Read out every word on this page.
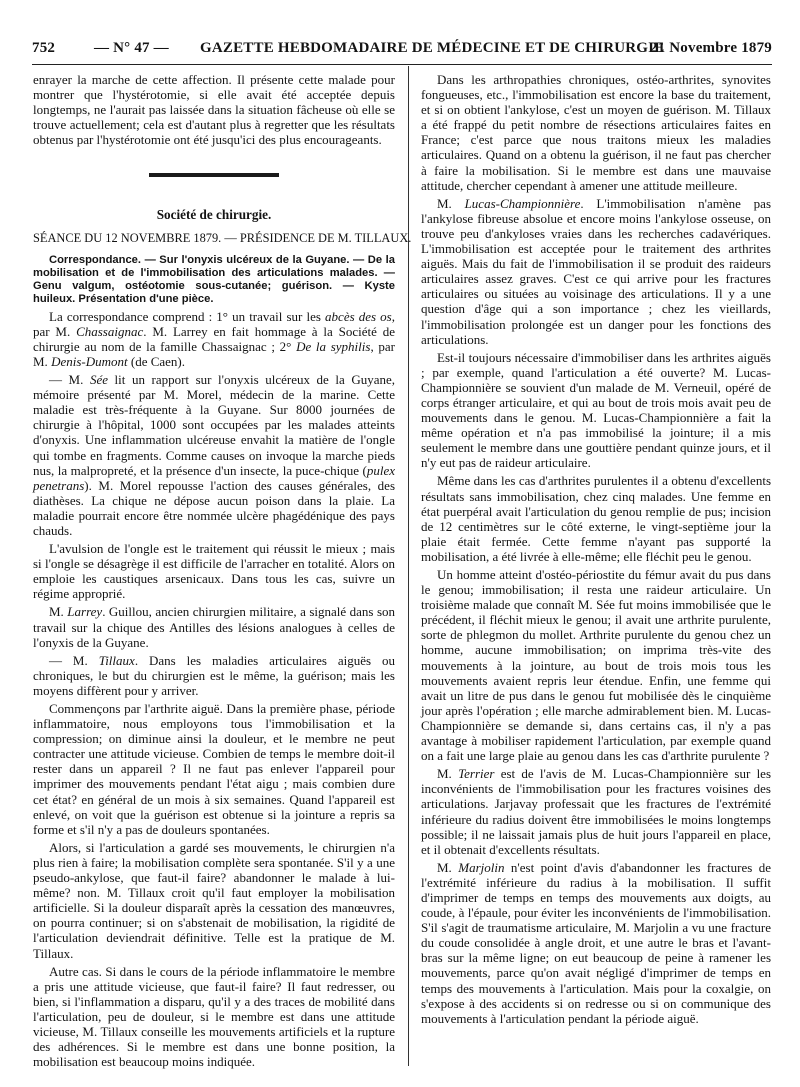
752	— N° 47 — GAZETTE HEBDOMADAIRE DE MÉDECINE ET DE CHIRURGIE
21 Novembre 1879

enrayer la marche de cette affection. Il présente cette malade pour montrer que l'hystérotomie, si elle avait été acceptée depuis longtemps, ne l'aurait pas laissée dans la situation fâcheuse où elle se trouve actuellement; cela est d'autant plus à regretter que les résultats obtenus par l'hystérotomie ont été jusqu'ici des plus encourageants.

Société de chirurgie.
SÉANCE DU 12 NOVEMBRE 1879. — PRÉSIDENCE DE M. TILLAUX.

Correspondance. — Sur l'onyxis ulcéreux de la Guyane. — De la mobilisation et de l'immobilisation des articulations malades. — Genu valgum, ostéotomie sous-cutanée; guérison. — Kyste huileux. Présentation d'une pièce.

La correspondance comprend : 1° un travail sur les abcès des os, par M. Chassaignac. M. Larrey en fait hommage à la Société de chirurgie au nom de la famille Chassaignac ; 2° De la syphilis, par M. Denis-Dumont (de Caen).

— M. Sée lit un rapport sur l'onyxis ulcéreux de la Guyane, mémoire présenté par M. Morel, médecin de la marine. Cette maladie est très-fréquente à la Guyane. Sur 8000 journées de chirurgie à l'hôpital, 1000 sont occupées par les malades atteints d'onyxis. Une inflammation ulcéreuse envahit la matière de l'ongle qui tombe en fragments. Comme causes on invoque la marche pieds nus, la malpropreté, et la présence d'un insecte, la puce-chique (pulex penetrans). M. Morel repousse l'action des causes générales, des diathèses. La chique ne dépose aucun poison dans la plaie. La maladie pourrait encore être nommée ulcère phagédénique des pays chauds.

L'avulsion de l'ongle est le traitement qui réussit le mieux ; mais si l'ongle se désagrège il est difficile de l'arracher en totalité. Alors on emploie les caustiques arsenicaux. Dans tous les cas, suivre un régime approprié.

M. Larrey. Guillou, ancien chirurgien militaire, a signalé dans son travail sur la chique des Antilles des lésions analogues à celles de l'onyxis de la Guyane.

— M. Tillaux. Dans les maladies articulaires aiguës ou chroniques, le but du chirurgien est le même, la guérison; mais les moyens diffèrent pour y arriver.

Commençons par l'arthrite aiguë. Dans la première phase, période inflammatoire, nous employons tous l'immobilisation et la compression; on diminue ainsi la douleur, et le membre ne peut contracter une attitude vicieuse. Combien de temps le membre doit-il rester dans un appareil ? Il ne faut pas enlever l'appareil pour imprimer des mouvements pendant l'état aigu ; mais combien dure cet état? en général de un mois à six semaines. Quand l'appareil est enlevé, on voit que la guérison est obtenue si la jointure a repris sa forme et s'il n'y a pas de douleurs spontanées.

Alors, si l'articulation a gardé ses mouvements, le chirurgien n'a plus rien à faire; la mobilisation complète sera spontanée. S'il y a une pseudo-ankylose, que faut-il faire? abandonner le malade à lui-même? non. M. Tillaux croit qu'il faut employer la mobilisation artificielle. Si la douleur disparaît après la cessation des manœuvres, on pourra continuer; si on s'abstenait de mobilisation, la rigidité de l'articulation deviendrait définitive. Telle est la pratique de M. Tillaux.

Autre cas. Si dans le cours de la période inflammatoire le membre a pris une attitude vicieuse, que faut-il faire? Il faut redresser, ou bien, si l'inflammation a disparu, qu'il y a des traces de mobilité dans l'articulation, peu de douleur, si le membre est dans une attitude vicieuse, M. Tillaux conseille les mouvements artificiels et la rupture des adhérences. Si le membre est dans une bonne position, la mobilisation est beaucoup moins indiquée.

Dans les arthropathies chroniques, ostéo-arthrites, synovites fongueuses, etc., l'immobilisation est encore la base du traitement, et si on obtient l'ankylose, c'est un moyen de guérison. M. Tillaux a été frappé du petit nombre de résections articulaires faites en France; c'est parce que nous traitons mieux les maladies articulaires. Quand on a obtenu la guérison, il ne faut pas chercher à faire la mobilisation. Si le membre est dans une mauvaise attitude, chercher cependant à amener une attitude meilleure.

M. Lucas-Championnière. L'immobilisation n'amène pas l'ankylose fibreuse absolue et encore moins l'ankylose osseuse, on trouve peu d'ankyloses vraies dans les recherches cadavériques. L'immobilisation est acceptée pour le traitement des arthrites aiguës. Mais du fait de l'immobilisation il se produit des raideurs articulaires assez graves. C'est ce qui arrive pour les fractures articulaires ou situées au voisinage des articulations. Il y a une question d'âge qui a son importance ; chez les vieillards, l'immobilisation prolongée est un danger pour les fonctions des articulations.

Est-il toujours nécessaire d'immobiliser dans les arthrites aiguës ; par exemple, quand l'articulation a été ouverte? M. Lucas-Championnière se souvient d'un malade de M. Verneuil, opéré de corps étranger articulaire, et qui au bout de trois mois avait peu de mouvements dans le genou. M. Lucas-Championnière a fait la même opération et n'a pas immobilisé la jointure; il a mis seulement le membre dans une gouttière pendant quinze jours, et il n'y eut pas de raideur articulaire.

Même dans les cas d'arthrites purulentes il a obtenu d'excellents résultats sans immobilisation, chez cinq malades. Une femme en état puerpéral avait l'articulation du genou remplie de pus; incision de 12 centimètres sur le côté externe, le vingt-septième jour la plaie était fermée. Cette femme n'ayant pas supporté la mobilisation, a été livrée à elle-même; elle fléchit peu le genou.

Un homme atteint d'ostéo-périostite du fémur avait du pus dans le genou; immobilisation; il resta une raideur articulaire. Un troisième malade que connaît M. Sée fut moins immobilisée que le précédent, il fléchit mieux le genou; il avait une arthrite purulente, sorte de phlegmon du mollet. Arthrite purulente du genou chez un homme, aucune immobilisation; on imprima très-vite des mouvements à la jointure, au bout de trois mois tous les mouvements avaient repris leur étendue. Enfin, une femme qui avait un litre de pus dans le genou fut mobilisée dès le cinquième jour après l'opération ; elle marche admirablement bien. M. Lucas-Championnière se demande si, dans certains cas, il n'y a pas avantage à mobiliser rapidement l'articulation, par exemple quand on a fait une large plaie au genou dans les cas d'arthrite purulente ?

M. Terrier est de l'avis de M. Lucas-Championnière sur les inconvénients de l'immobilisation pour les fractures voisines des articulations. Jarjavay professait que les fractures de l'extrémité inférieure du radius doivent être immobilisées le moins longtemps possible; il ne laissait jamais plus de huit jours l'appareil en place, et il obtenait d'excellents résultats.

M. Marjolin n'est point d'avis d'abandonner les fractures de l'extrémité inférieure du radius à la mobilisation. Il suffit d'imprimer de temps en temps des mouvements aux doigts, au coude, à l'épaule, pour éviter les inconvénients de l'immobilisation. S'il s'agit de traumatisme articulaire, M. Marjolin a vu une fracture du coude consolidée à angle droit, et une autre le bras et l'avant-bras sur la même ligne; on eut beaucoup de peine à ramener les mouvements, parce qu'on avait négligé d'imprimer de temps en temps des mouvements à l'articulation. Mais pour la coxalgie, on s'expose à des accidents si on redresse ou si on communique des mouvements à l'articulation pendant la période aiguë.
